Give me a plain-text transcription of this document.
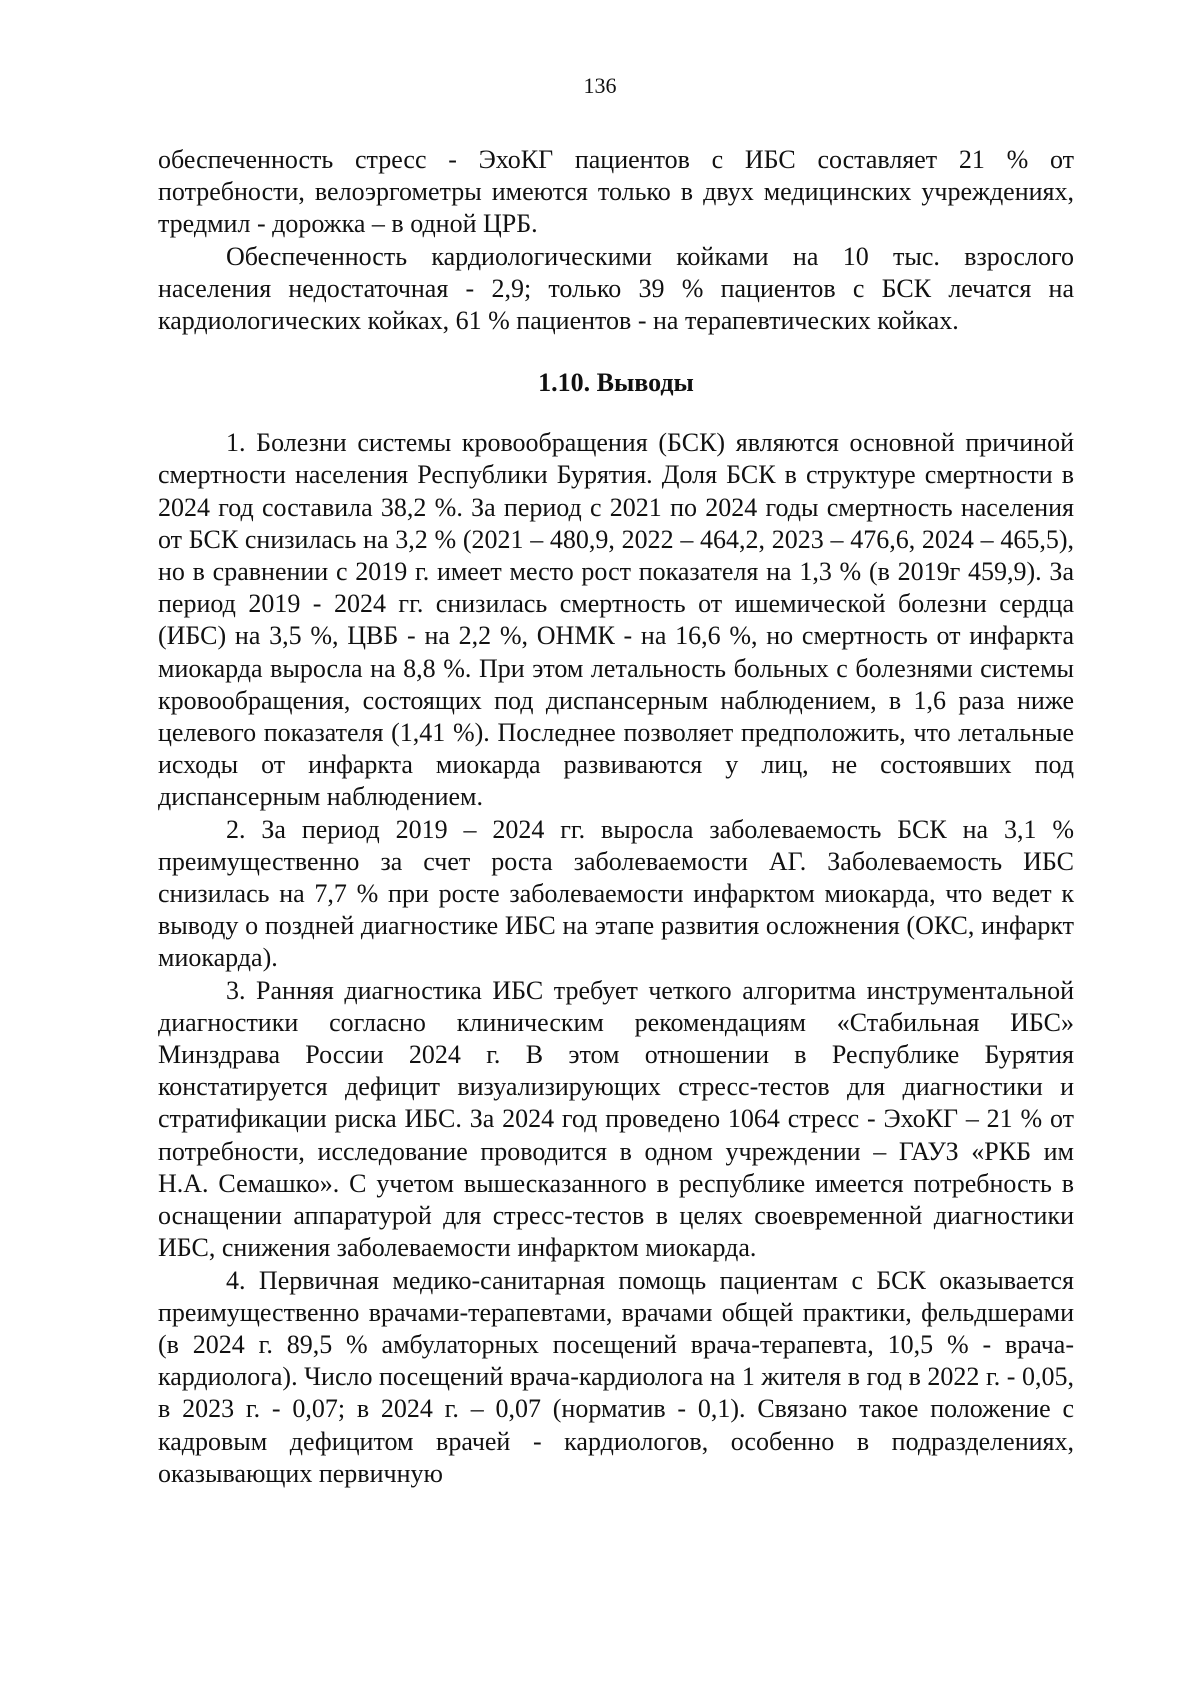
136

обеспеченность стресс - ЭхоКГ пациентов с ИБС составляет 21 % от потребности, велоэргометры имеются только в двух медицинских учреждениях, тредмил - дорожка – в одной ЦРБ.

Обеспеченность кардиологическими койками на 10 тыс. взрослого населения недостаточная - 2,9; только 39 % пациентов с БСК лечатся на кардиологических койках, 61 % пациентов - на терапевтических койках.

1.10. Выводы

1. Болезни системы кровообращения (БСК) являются основной причиной смертности населения Республики Бурятия. Доля БСК в структуре смертности в 2024 год составила 38,2 %. За период с 2021 по 2024 годы смертность населения от БСК снизилась на 3,2 % (2021 – 480,9, 2022 – 464,2, 2023 – 476,6, 2024 – 465,5), но в сравнении с 2019 г. имеет место рост показателя на 1,3 % (в 2019г 459,9). За период 2019 - 2024 гг. снизилась смертность от ишемической болезни сердца (ИБС) на 3,5 %, ЦВБ - на 2,2 %, ОНМК - на 16,6 %, но смертность от инфаркта миокарда выросла на 8,8 %. При этом летальность больных с болезнями системы кровообращения, состоящих под диспансерным наблюдением, в 1,6 раза ниже целевого показателя (1,41 %). Последнее позволяет предположить, что летальные исходы от инфаркта миокарда развиваются у лиц, не состоявших под диспансерным наблюдением.

2. За период 2019 – 2024 гг. выросла заболеваемость БСК на 3,1 % преимущественно за счет роста заболеваемости АГ. Заболеваемость ИБС снизилась на 7,7 % при росте заболеваемости инфарктом миокарда, что ведет к выводу о поздней диагностике ИБС на этапе развития осложнения (ОКС, инфаркт миокарда).

3. Ранняя диагностика ИБС требует четкого алгоритма инструментальной диагностики согласно клиническим рекомендациям «Стабильная ИБС» Минздрава России 2024 г. В этом отношении в Республике Бурятия констатируется дефицит визуализирующих стресс-тестов для диагностики и стратификации риска ИБС. За 2024 год проведено 1064 стресс - ЭхоКГ – 21 % от потребности, исследование проводится в одном учреждении – ГАУЗ «РКБ им Н.А. Семашко». С учетом вышесказанного в республике имеется потребность в оснащении аппаратурой для стресс-тестов в целях своевременной диагностики ИБС, снижения заболеваемости инфарктом миокарда.

4. Первичная медико-санитарная помощь пациентам с БСК оказывается преимущественно врачами-терапевтами, врачами общей практики, фельдшерами (в 2024 г. 89,5 % амбулаторных посещений врача-терапевта, 10,5 % - врача-кардиолога). Число посещений врача-кардиолога на 1 жителя в год в 2022 г. - 0,05, в 2023 г. - 0,07; в 2024 г. – 0,07 (норматив - 0,1). Связано такое положение с кадровым дефицитом врачей - кардиологов, особенно в подразделениях, оказывающих первичную
